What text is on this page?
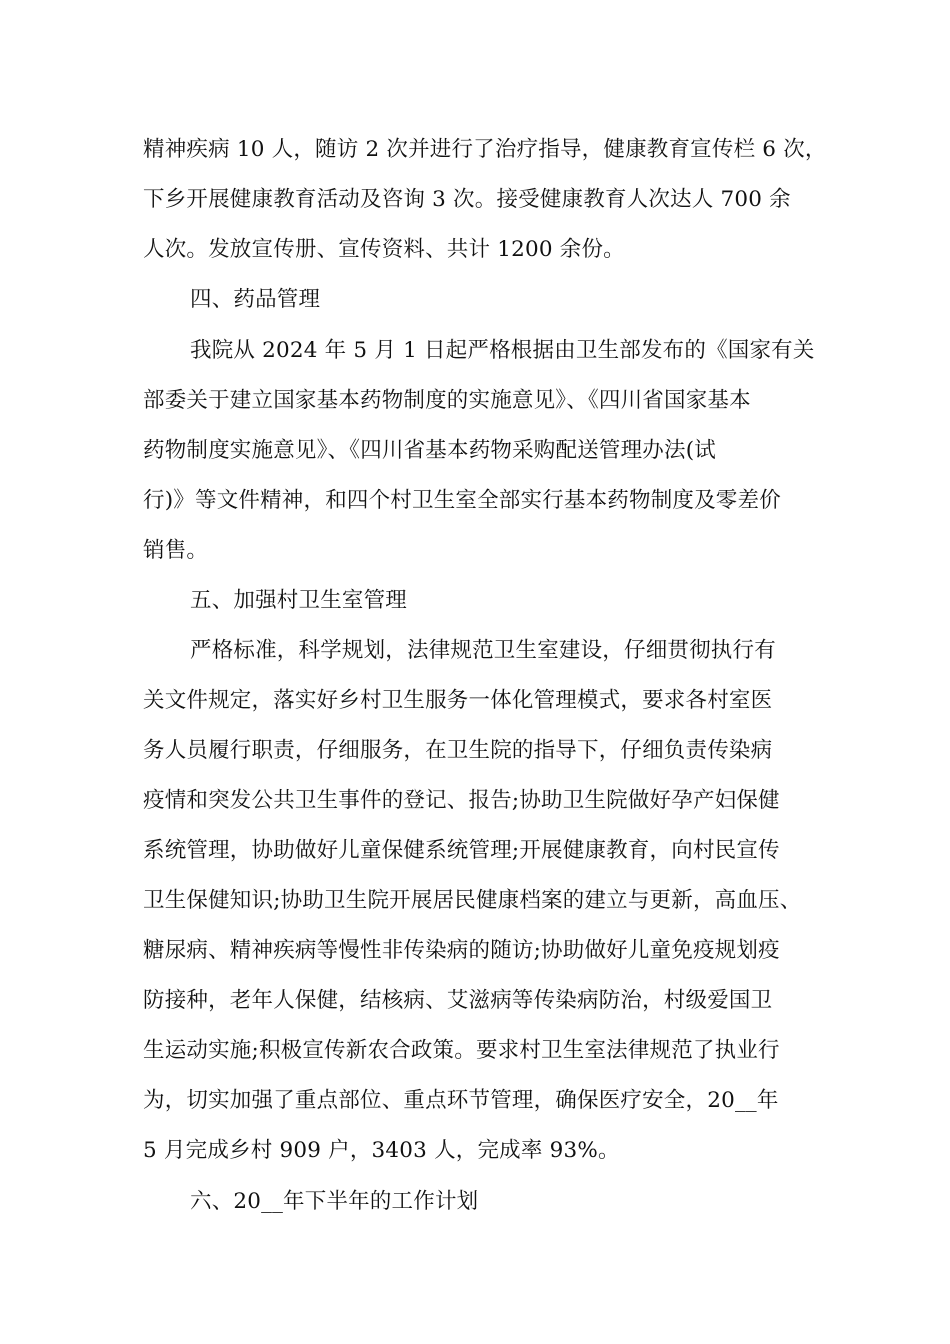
精神疾病 10 人，随访 2 次并进行了治疗指导，健康教育宣传栏 6 次，
下乡开展健康教育活动及咨询 3 次。接受健康教育人次达人 700 余
人次。发放宣传册、宣传资料、共计 1200 余份。
四、药品管理
我院从 2024 年 5 月 1 日起严格根据由卫生部发布的《国家有关
部委关于建立国家基本药物制度的实施意见》、《四川省国家基本
药物制度实施意见》、《四川省基本药物采购配送管理办法(试
行)》等文件精神，和四个村卫生室全部实行基本药物制度及零差价
销售。
五、加强村卫生室管理
严格标准，科学规划，法律规范卫生室建设，仔细贯彻执行有
关文件规定，落实好乡村卫生服务一体化管理模式，要求各村室医
务人员履行职责，仔细服务，在卫生院的指导下，仔细负责传染病
疫情和突发公共卫生事件的登记、报告;协助卫生院做好孕产妇保健
系统管理，协助做好儿童保健系统管理;开展健康教育，向村民宣传
卫生保健知识;协助卫生院开展居民健康档案的建立与更新，高血压、
糖尿病、精神疾病等慢性非传染病的随访;协助做好儿童免疫规划疫
防接种，老年人保健，结核病、艾滋病等传染病防治，村级爱国卫
生运动实施;积极宣传新农合政策。要求村卫生室法律规范了执业行
为，切实加强了重点部位、重点环节管理，确保医疗安全，20__年
5 月完成乡村 909 户，3403 人，完成率 93%。
六、20__年下半年的工作计划
